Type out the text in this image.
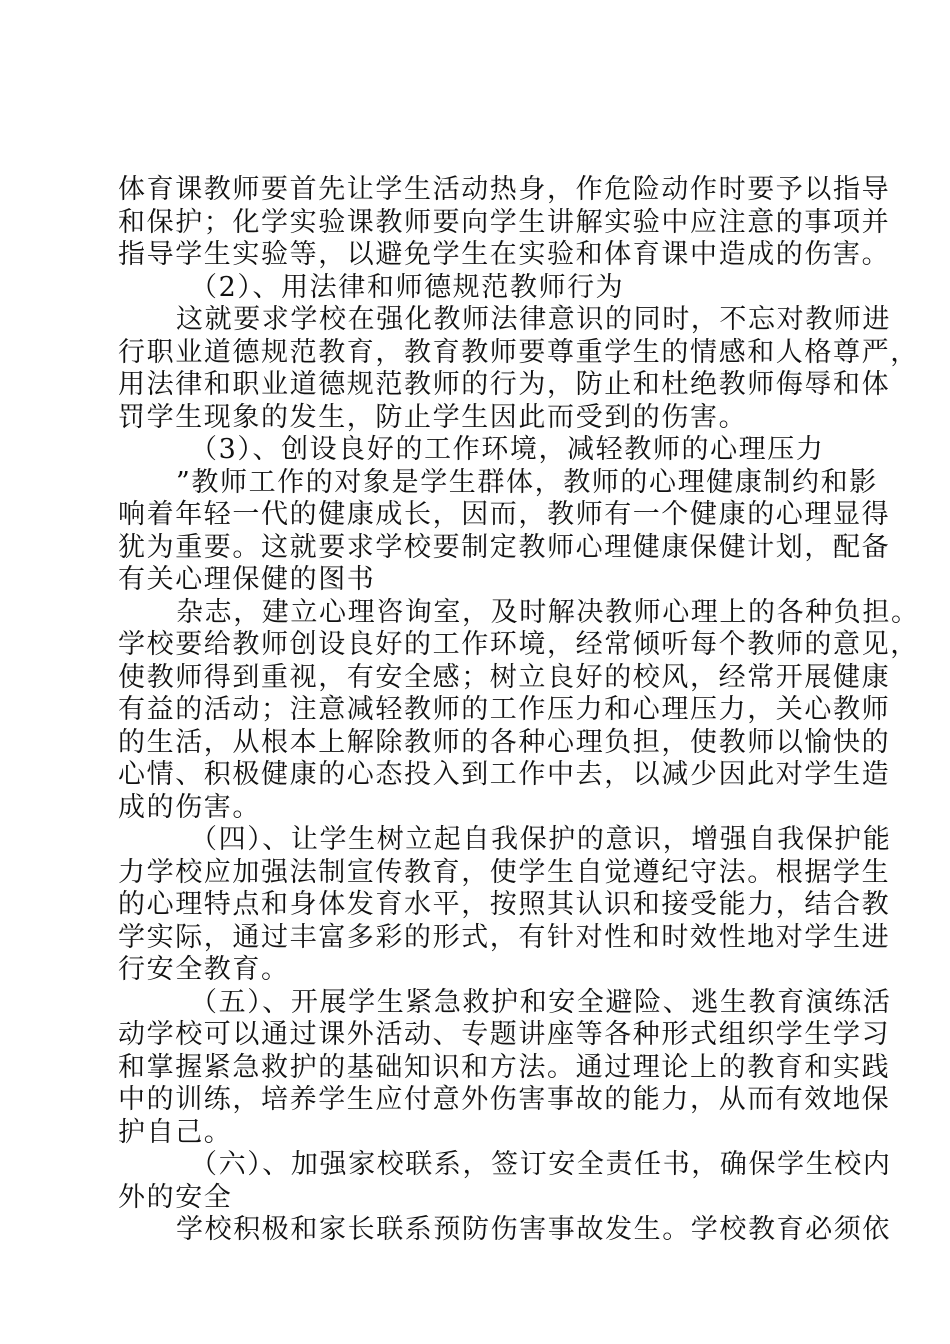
体育课教师要首先让学生活动热身，作危险动作时要予以指导
和保护；化学实验课教师要向学生讲解实验中应注意的事项并
指导学生实验等，以避免学生在实验和体育课中造成的伤害。
（2）、用法律和师德规范教师行为
这就要求学校在强化教师法律意识的同时，不忘对教师进
行职业道德规范教育，教育教师要尊重学生的情感和人格尊严，
用法律和职业道德规范教师的行为，防止和杜绝教师侮辱和体
罚学生现象的发生，防止学生因此而受到的伤害。
（3）、创设良好的工作环境，减轻教师的心理压力
”教师工作的对象是学生群体，教师的心理健康制约和影
响着年轻一代的健康成长，因而，教师有一个健康的心理显得
犹为重要。这就要求学校要制定教师心理健康保健计划，配备
有关心理保健的图书
杂志，建立心理咨询室，及时解决教师心理上的各种负担。
学校要给教师创设良好的工作环境，经常倾听每个教师的意见，
使教师得到重视，有安全感；树立良好的校风，经常开展健康
有益的活动；注意减轻教师的工作压力和心理压力，关心教师
的生活，从根本上解除教师的各种心理负担，使教师以愉快的
心情、积极健康的心态投入到工作中去，以减少因此对学生造
成的伤害。
（四）、让学生树立起自我保护的意识，增强自我保护能
力学校应加强法制宣传教育，使学生自觉遵纪守法。根据学生
的心理特点和身体发育水平，按照其认识和接受能力，结合教
学实际，通过丰富多彩的形式，有针对性和时效性地对学生进
行安全教育。
（五）、开展学生紧急救护和安全避险、逃生教育演练活
动学校可以通过课外活动、专题讲座等各种形式组织学生学习
和掌握紧急救护的基础知识和方法。通过理论上的教育和实践
中的训练，培养学生应付意外伤害事故的能力，从而有效地保
护自己。
（六）、加强家校联系，签订安全责任书，确保学生校内
外的安全
学校积极和家长联系预防伤害事故发生。学校教育必须依
